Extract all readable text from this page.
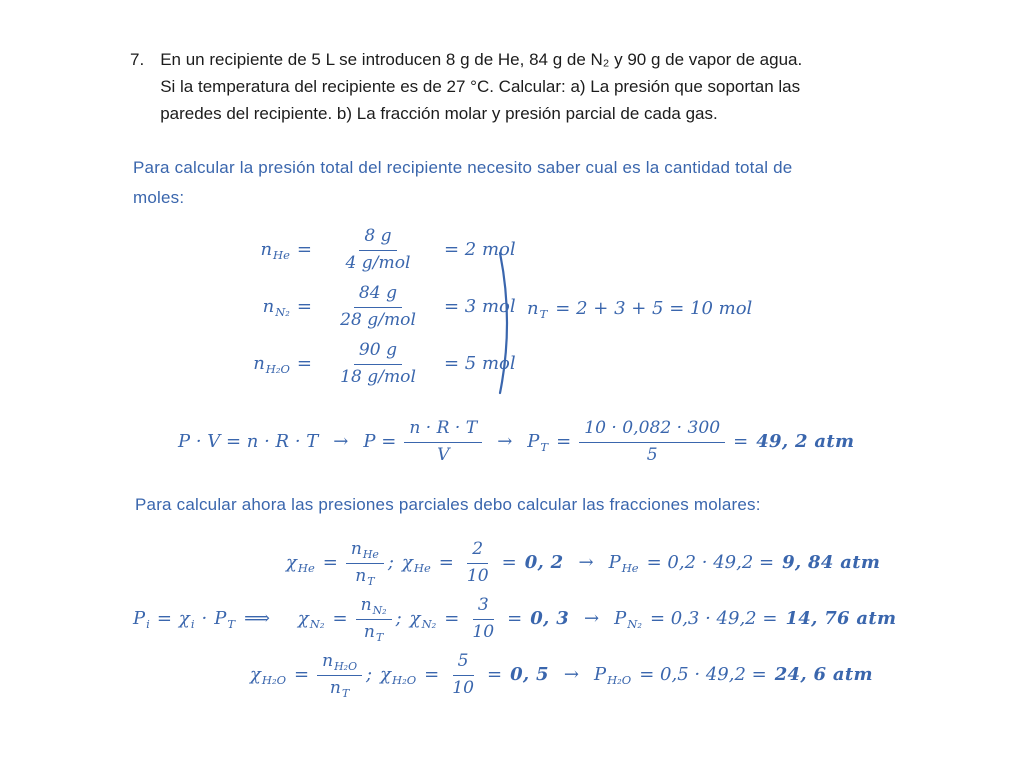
7. En un recipiente de 5 L se introducen 8 g de He, 84 g de N₂ y 90 g de vapor de agua.
Si la temperatura del recipiente es de 27 °C. Calcular: a) La presión que soportan las
paredes del recipiente. b) La fracción molar y presión parcial de cada gas.
Para calcular la presión total del recipiente necesito saber cual es la cantidad total de
moles:
$n_{He} = \frac{8 g}{\text{4 g/mol}} = 2$ mol
$n_{N_2} = \frac{84 g}{\text{28 g/mol}} = 3$ mol
$n_{H_2O} = \frac{90 g}{\text{18 g/mol}} = 5$ mol
$n_T = 2 + 3 + 5 = 10$ mol
$P \cdot V = n \cdot R \cdot T \to P = \frac{n \cdot R \cdot T}{V} \to P_T = \frac{10 \cdot 0,082 \cdot 300}{5} = 49$, 2 atm
Para calcular ahora las presiones parciales debo calcular las fracciones molares:
$\chi_{He} = \frac{n_{He}}{n_T}$ ; $\chi_{He} = \frac{2}{10} = 0$, $2 \to P_{He} = 0,2 \cdot 49,2 = 9$, 84 atm
$P_i = \chi_i \cdot P_T$ ⟹ $\chi_{N_2} = \frac{n_{N_2}}{n_T}$ ; $\chi_{N_2} = \frac{3}{10} = 0$, $3 \to P_{N_2} = 0,3 \cdot 49,2 = 14$, 76 atm
$\chi_{H_2O} = \frac{n_{H_2O}}{n_T}$ ; $\chi_{H_2O} = \frac{5}{10} = 0$, $5 \to P_{H_2O} = 0,5 \cdot 49,2 = 24$, 6 atm
